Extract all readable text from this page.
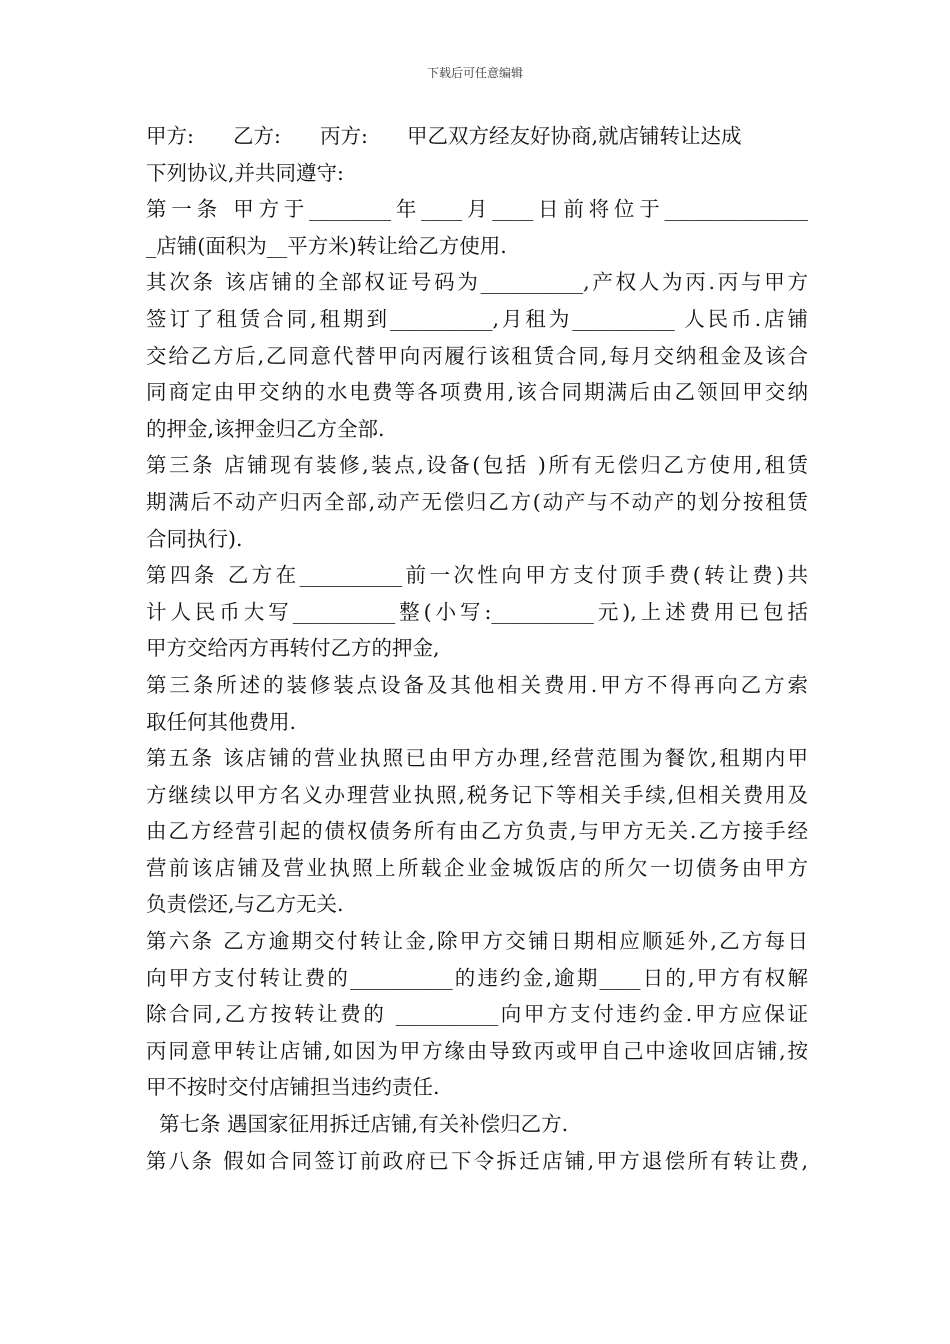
下载后可任意编辑
甲方:      乙方:      丙方:      甲乙双方经友好协商,就店铺转让达成
下列协议,并共同遵守:
第一条 甲方于________年____月____日前将位于______________
_店铺(面积为__平方米)转让给乙方使用.
其次条 该店铺的全部权证号码为__________,产权人为丙.丙与甲方
签订了租赁合同,租期到__________,月租为__________ 人民币.店铺
交给乙方后,乙同意代替甲向丙履行该租赁合同,每月交纳租金及该合
同商定由甲交纳的水电费等各项费用,该合同期满后由乙领回甲交纳
的押金,该押金归乙方全部.
第三条 店铺现有装修,装点,设备(包括 )所有无偿归乙方使用,租赁
期满后不动产归丙全部,动产无偿归乙方(动产与不动产的划分按租赁
合同执行).
第四条 乙方在__________前一次性向甲方支付顶手费(转让费)共
计人民币大写__________整(小写:__________元),上述费用已包括
甲方交给丙方再转付乙方的押金,
第三条所述的装修装点设备及其他相关费用.甲方不得再向乙方索
取任何其他费用.
第五条 该店铺的营业执照已由甲方办理,经营范围为餐饮,租期内甲
方继续以甲方名义办理营业执照,税务记下等相关手续,但相关费用及
由乙方经营引起的债权债务所有由乙方负责,与甲方无关.乙方接手经
营前该店铺及营业执照上所载企业金城饭店的所欠一切债务由甲方
负责偿还,与乙方无关.
第六条 乙方逾期交付转让金,除甲方交铺日期相应顺延外,乙方每日
向甲方支付转让费的__________的违约金,逾期____日的,甲方有权解
除合同,乙方按转让费的 __________向甲方支付违约金.甲方应保证
丙同意甲转让店铺,如因为甲方缘由导致丙或甲自己中途收回店铺,按
甲不按时交付店铺担当违约责任.
第七条 遇国家征用拆迁店铺,有关补偿归乙方.
第八条 假如合同签订前政府已下令拆迁店铺,甲方退偿所有转让费,
